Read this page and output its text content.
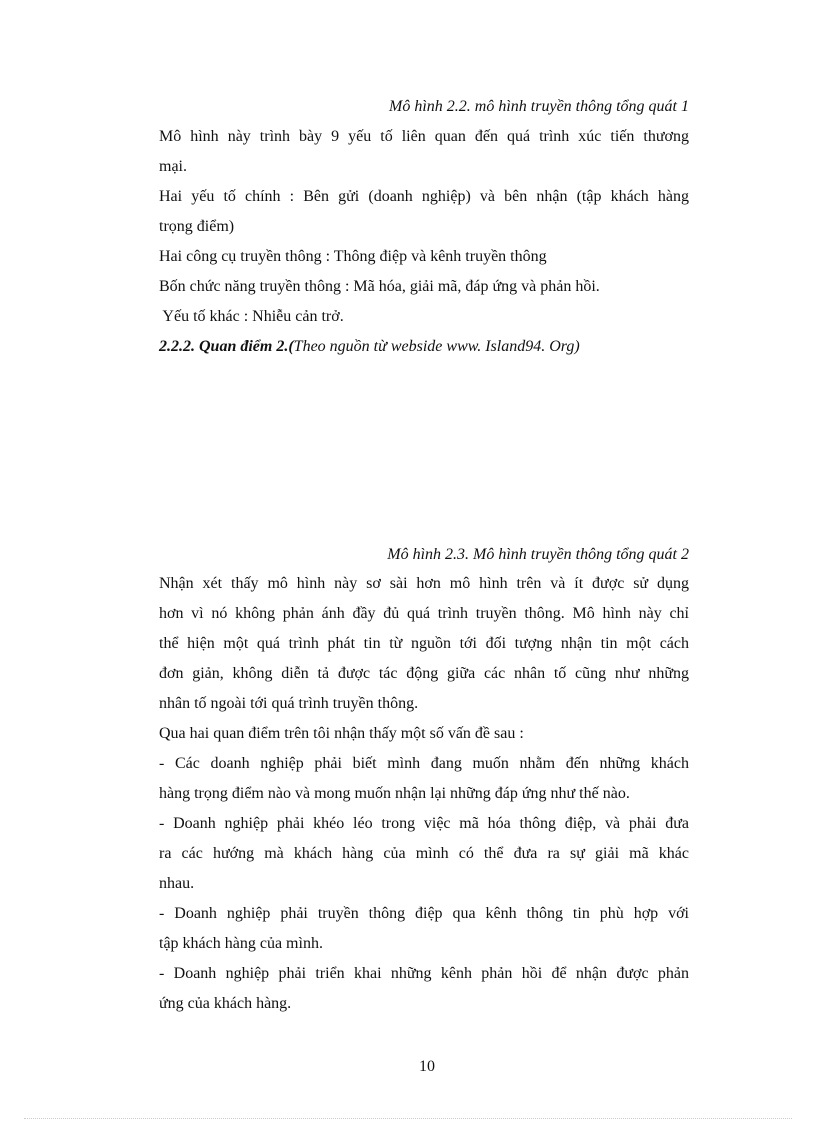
Mô hình 2.2. mô hình truyền thông tổng quát 1
Mô hình này trình bày 9 yếu tố liên quan đến quá trình xúc tiến thương
mại.
Hai yếu tố chính : Bên gửi (doanh nghiệp) và bên nhận (tập khách hàng
trọng điểm)
Hai công cụ truyền thông : Thông điệp và kênh truyền thông
Bốn chức năng truyền thông : Mã hóa, giải mã, đáp ứng và phản hồi.
Yếu tố khác : Nhiễu cản trở.
2.2.2. Quan điểm 2.(Theo nguồn từ webside www. Island94. Org)
Mô hình 2.3. Mô hình truyền thông tổng quát 2
Nhận xét thấy mô hình này sơ sài hơn mô hình trên và ít được sử dụng
hơn vì nó không phản ánh đầy đủ quá trình truyền thông. Mô hình này chỉ
thể hiện một quá trình phát tin từ nguồn tới đối tượng nhận tin một cách
đơn giản, không diễn tả được tác động giữa các nhân tố cũng như những
nhân tố ngoài tới quá trình truyền thông.
Qua hai quan điểm trên tôi nhận thấy một số vấn đề sau :
- Các doanh nghiệp phải biết mình đang muốn nhằm đến những khách
hàng trọng điểm nào và mong muốn nhận lại những đáp ứng như thế nào.
- Doanh nghiệp phải khéo léo trong việc mã hóa thông điệp, và phải đưa
ra các hướng mà khách hàng của mình có thể đưa ra sự giải mã khác
nhau.
- Doanh nghiệp phải truyền thông điệp qua kênh thông tin phù hợp với
tập khách hàng của mình.
- Doanh nghiệp phải triển khai những kênh phản hồi để nhận được phản
ứng của khách hàng.
10
